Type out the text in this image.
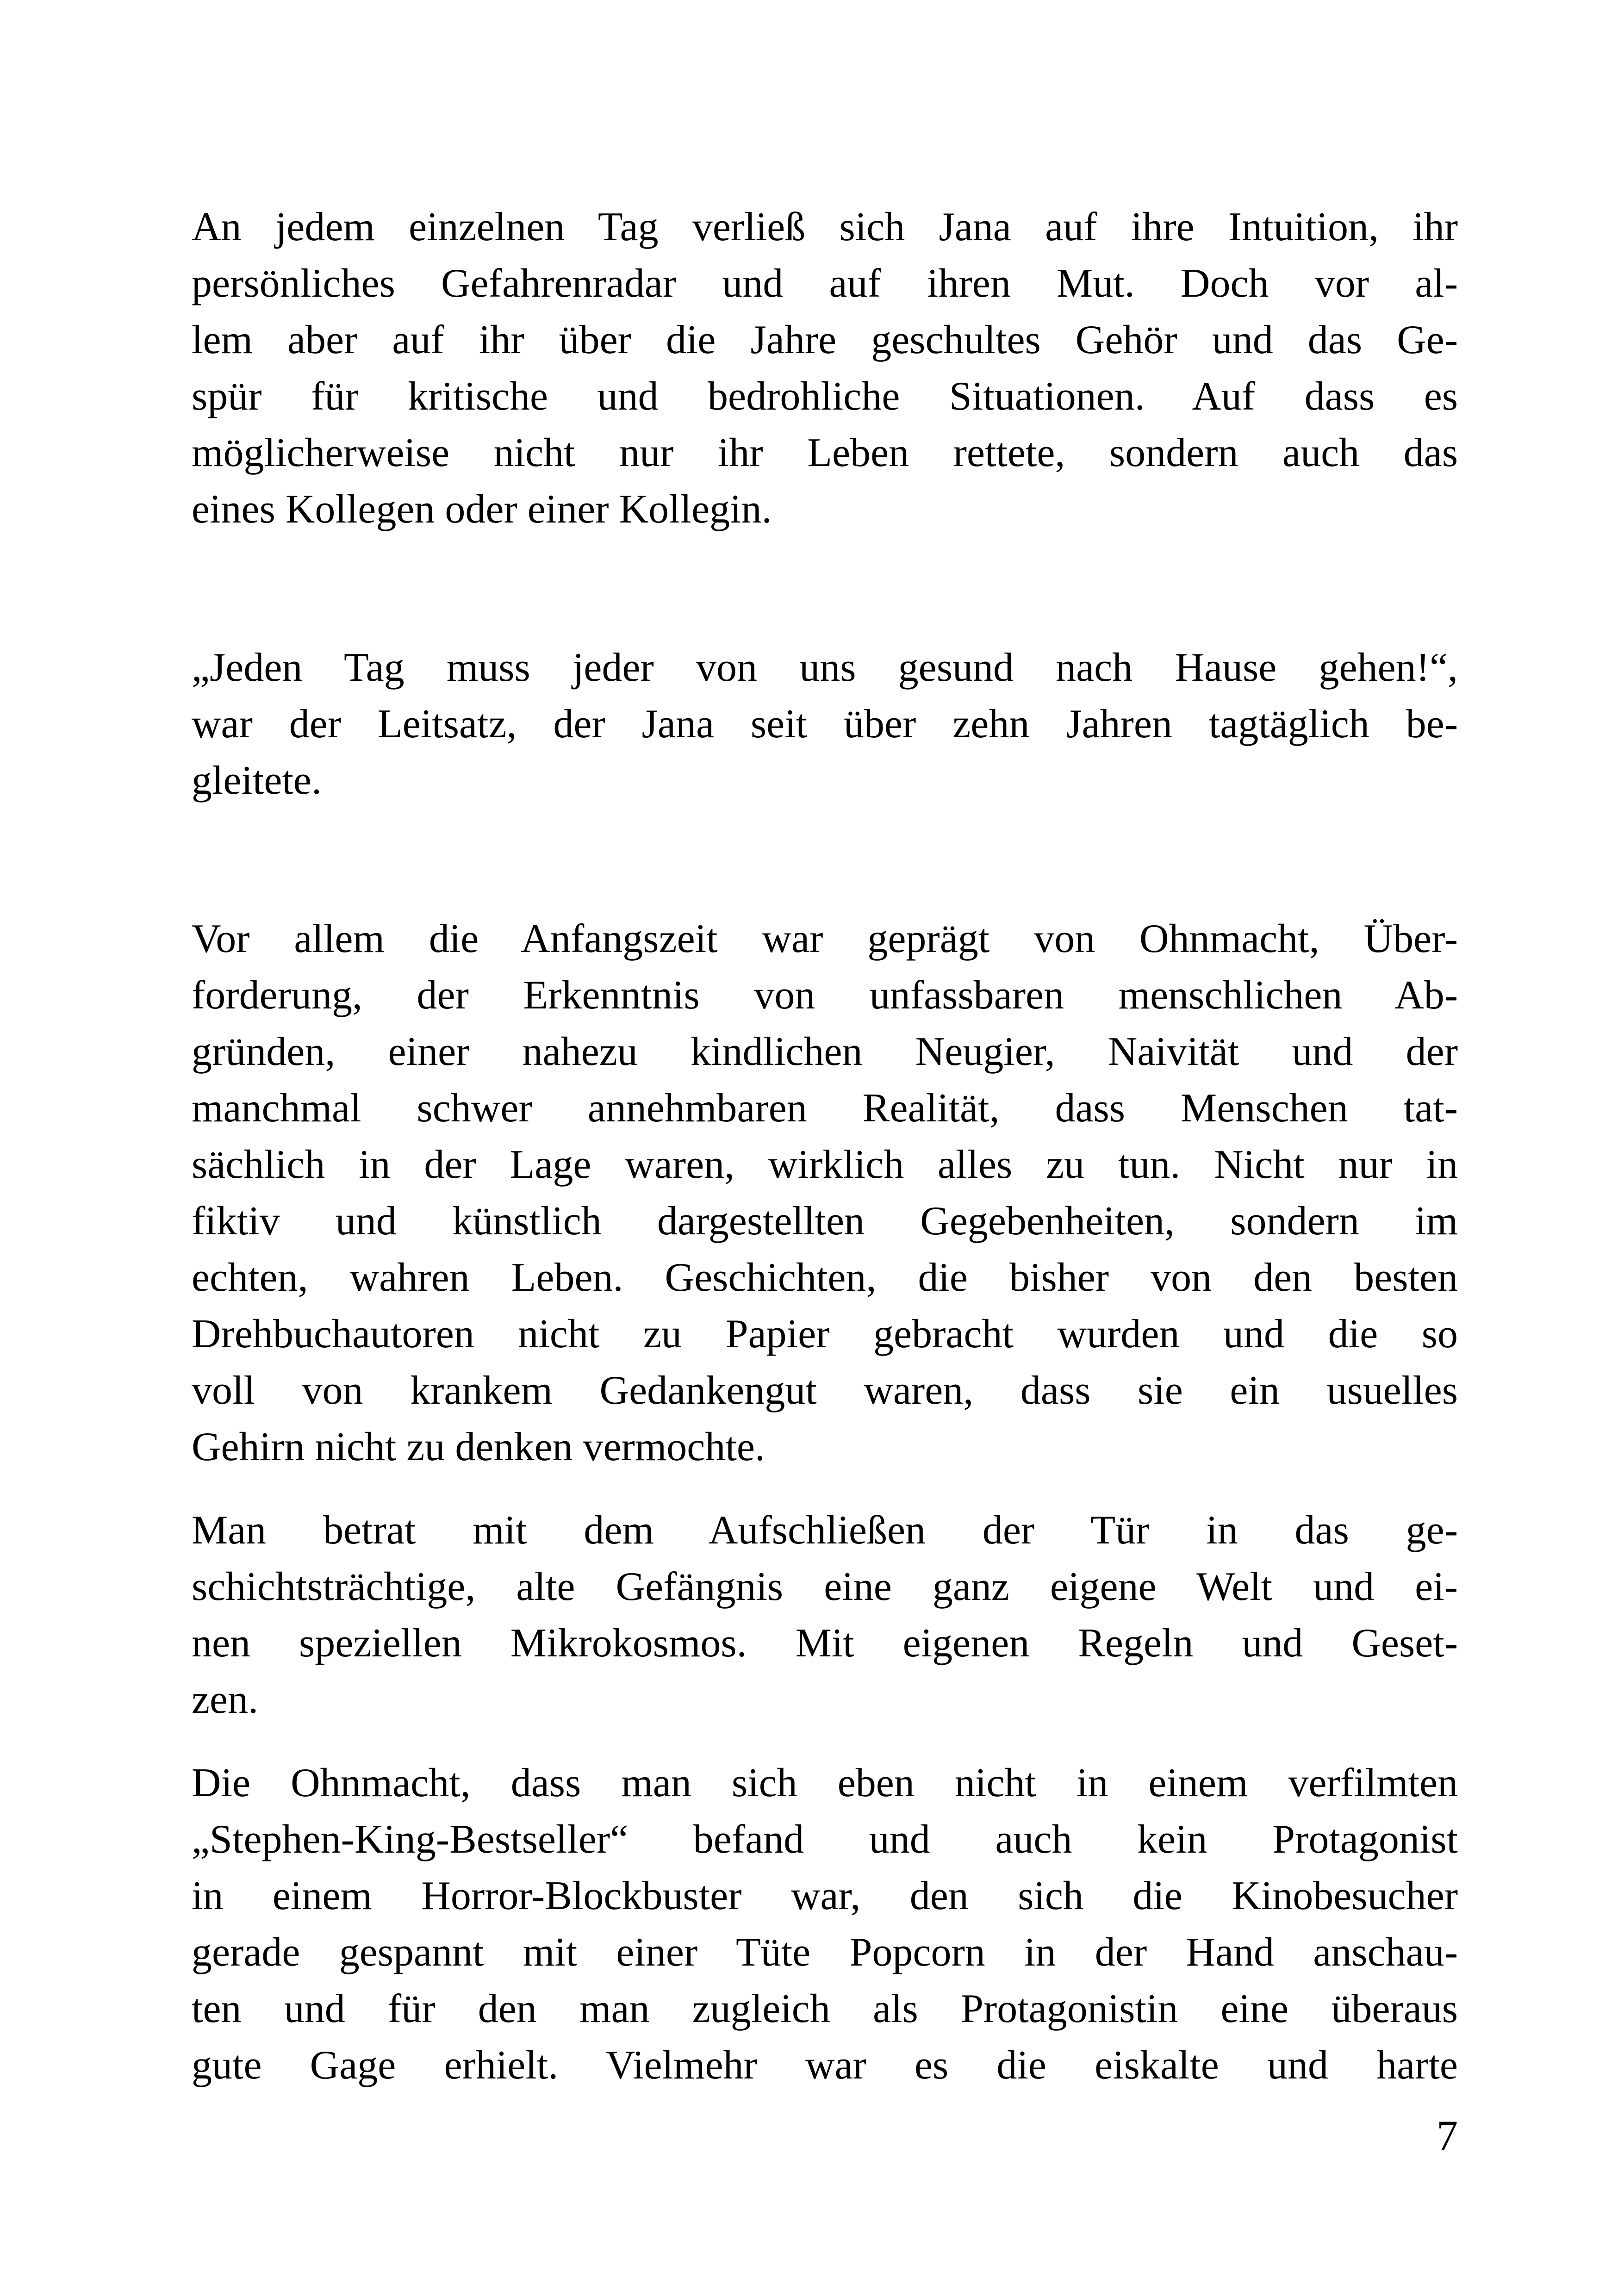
An jedem einzelnen Tag verließ sich Jana auf ihre Intuition, ihr
persönliches Gefahrenradar und auf ihren Mut. Doch vor al-
lem aber auf ihr über die Jahre geschultes Gehör und das Ge-
spür für kritische und bedrohliche Situationen. Auf dass es
möglicherweise nicht nur ihr Leben rettete, sondern auch das
eines Kollegen oder einer Kollegin.

„Jeden Tag muss jeder von uns gesund nach Hause gehen!“,
war der Leitsatz, der Jana seit über zehn Jahren tagtäglich be-
gleitete.

Vor allem die Anfangszeit war geprägt von Ohnmacht, Über-
forderung, der Erkenntnis von unfassbaren menschlichen Ab-
gründen, einer nahezu kindlichen Neugier, Naivität und der
manchmal schwer annehmbaren Realität, dass Menschen tat-
sächlich in der Lage waren, wirklich alles zu tun. Nicht nur in
fiktiv und künstlich dargestellten Gegebenheiten, sondern im
echten, wahren Leben. Geschichten, die bisher von den besten
Drehbuchautoren nicht zu Papier gebracht wurden und die so
voll von krankem Gedankengut waren, dass sie ein usuelles
Gehirn nicht zu denken vermochte.

Man betrat mit dem Aufschließen der Tür in das ge-
schichtsträchtige, alte Gefängnis eine ganz eigene Welt und ei-
nen speziellen Mikrokosmos. Mit eigenen Regeln und Geset-
zen.

Die Ohnmacht, dass man sich eben nicht in einem verfilmten
„Stephen-King-Bestseller“ befand und auch kein Protagonist
in einem Horror-Blockbuster war, den sich die Kinobesucher
gerade gespannt mit einer Tüte Popcorn in der Hand anschau-
ten und für den man zugleich als Protagonistin eine überaus
gute Gage erhielt. Vielmehr war es die eiskalte und harte

7
